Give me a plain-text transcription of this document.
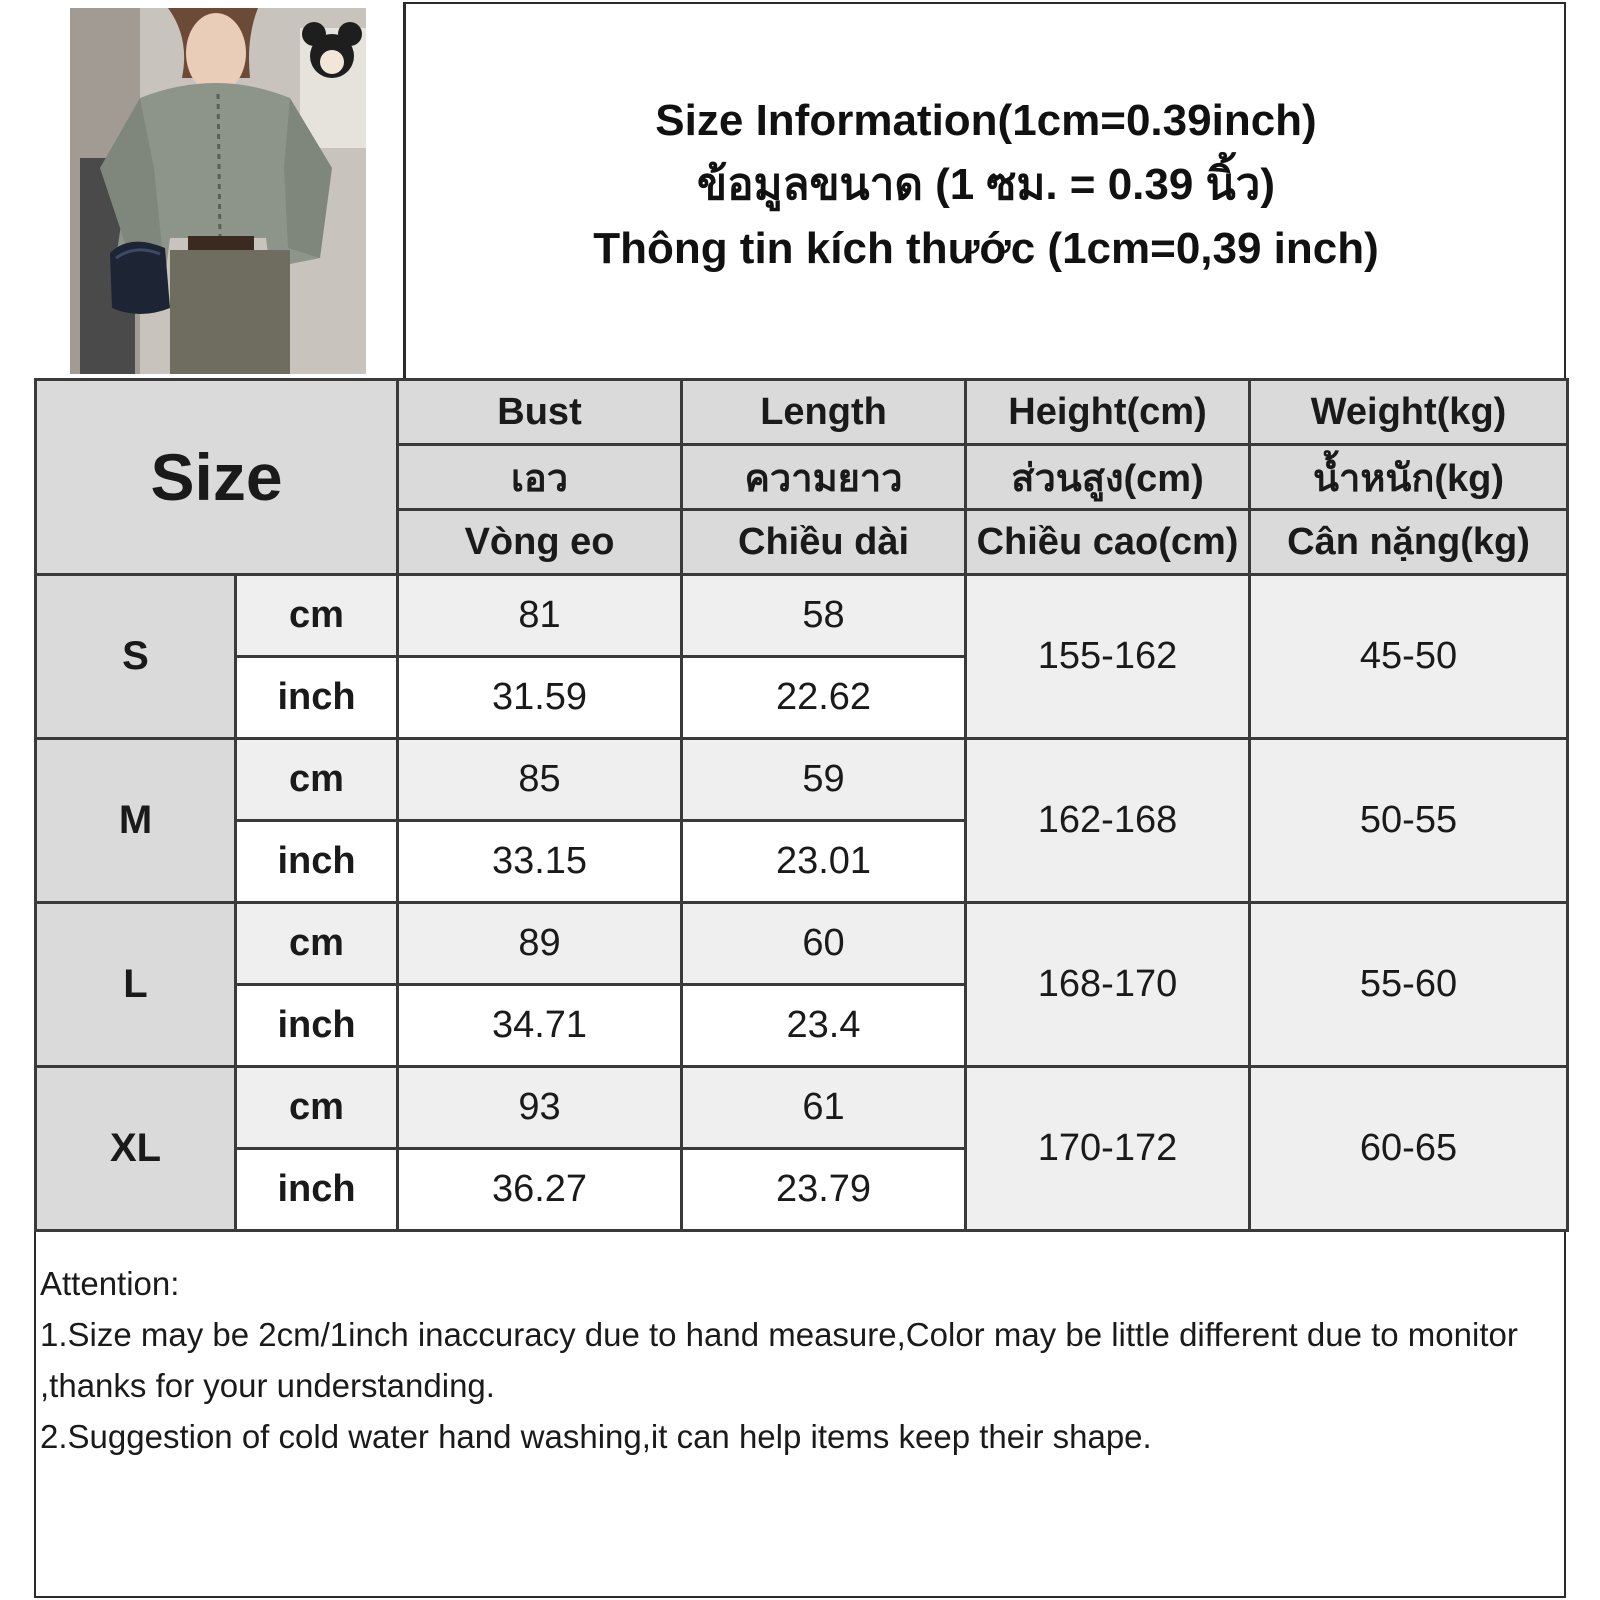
Size Information(1cm=0.39inch)
ข้อมูลขนาด (1 ซม. = 0.39 นิ้ว)
Thông tin kích thước (1cm=0,39 inch)
Size		Bust	Length	Height(cm)	Weight(kg)
		เอว	ความยาว	ส่วนสูง(cm)	น้ำหนัก(kg)
		Vòng eo	Chiều dài	Chiều cao(cm)	Cân nặng(kg)
S	cm	81	58	155-162	45-50
	inch	31.59	22.62		
M	cm	85	59	162-168	50-55
	inch	33.15	23.01		
L	cm	89	60	168-170	55-60
	inch	34.71	23.4		
XL	cm	93	61	170-172	60-65
	inch	36.27	23.79		
Attention:
1.Size may be 2cm/1inch inaccuracy due to hand measure,Color may be little different due to monitor ,thanks for your understanding.
2.Suggestion of cold water hand washing,it can help items keep their shape.
